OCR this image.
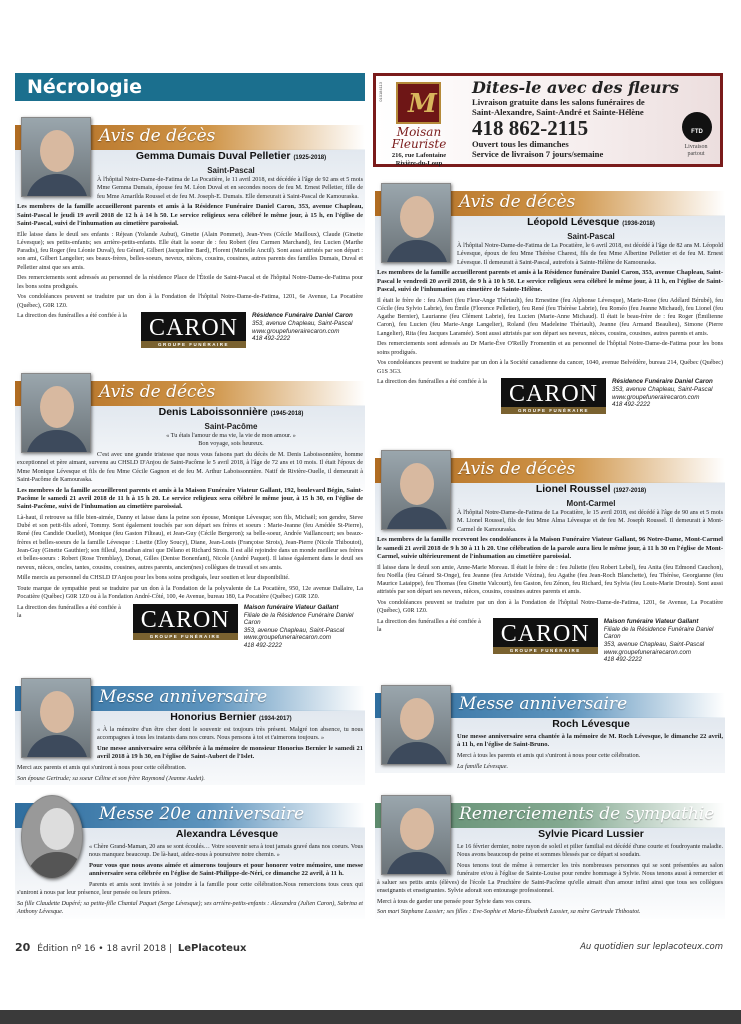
Nécrologie	010184113 M
Moisan
Fleuriste
216, rue Lafontaine
Rivière-du-Loup
Dites-le avec des fleurs
Livraison gratuite dans les salons funéraires de
Saint-Alexandre, Saint-André et Sainte-Hélène
418 862-2115
Ouvert tous les dimanches
Service de livraison 7 jours/semaine
FTD
Livraison partout
Avis de décès
Gemma Dumais Duval Pelletier (1925-2018)
Saint-Pascal
À l'hôpital Notre-Dame-de-Fatima de La Pocatière, le 11 avril 2018, est décédée à l'âge de 92 ans et 5 mois Mme Gemma Dumais, épouse feu M. Léon Duval et en secondes noces de feu M. Ernest Pelletier, fille de feu Mme Amarilda Roussel et de feu M. Joseph-E. Dumais. Elle demeurait à Saint-Pascal de Kamouraska.
Les membres de la famille accueilleront parents et amis à la Résidence Funéraire Daniel Caron, 353, avenue Chapleau, Saint-Pascal le jeudi 19 avril 2018 de 12 h à 14 h 50. Le service religieux sera célébré le même jour, à 15 h, en l'église de Saint-Pascal, suivi de l'inhumation au cimetière paroissial.
Elle laisse dans le deuil ses enfants : Réjean (Yolande Aubut), Ginette (Alain Pommet), Jean-Yves (Cécile Mailloux), Claude (Ginette Lévesque); ses petits-enfants; ses arrière-petits-enfants. Elle était la soeur de : feu Robert (feu Carmen Marchand), feu Lucien (Marthe Paradis), feu Roger (feu Léonie Duval), feu Gérard, Gilbert (Jacqueline Bard), Florent (Murielle Anctil). Sont aussi attristés par son départ : son ami, Gilbert Langelier; ses beaux-frères, belles-soeurs, neveux, nièces, cousins, cousines, autres parents des familles Dumais, Duval et Pelletier ainsi que ses amis.
Des remerciements sont adressés au personnel de la résidence Place de l'Étoile de Saint-Pascal et de l'hôpital Notre-Dame-de-Fatima pour les bons soins prodigués.
Vos condoléances peuvent se traduire par un don à la Fondation de l'hôpital Notre-Dame-de-Fatima, 1201, 6e Avenue, La Pocatière (Québec), G0R 1Z0.
La direction des funérailles a été confiée à la CARON
GROUPE FUNÉRAIRE
Résidence Funéraire Daniel Caron
353, avenue Chapleau, Saint-Pascal
www.groupefunerairecaron.com
418 492-2222
Avis de décès
Denis Laboissonnière (1945-2018)
Saint-Pacôme
« Tu étais l'amour de ma vie, la vie de mon amour. »
Bon voyage, sois heureux.
C'est avec une grande tristesse que nous vous faisons part du décès de M. Denis Laboissonnière, homme exceptionnel et père aimant, survenu au CHSLD D'Anjou de Saint-Pacôme le 5 avril 2018, à l'âge de 72 ans et 10 mois. Il était l'époux de Mme Monique Lévesque et fils de feu Mme Cécile Gagnon et de feu M. Arthur Laboissonnière. Natif de Rivière-Ouelle, il demeurait à Saint-Pacôme de Kamouraska.
Les membres de la famille accueilleront parents et amis à la Maison Funéraire Viateur Gallant, 192, boulevard Bégin, Saint-Pacôme le samedi 21 avril 2018 de 11 h à 15 h 20. Le service religieux sera célébré le même jour, à 15 h 30, en l'église de Saint-Pacôme, suivi de l'inhumation au cimetière paroissial.
Là-haut, il retrouve sa fille bien-aimée, Danny et laisse dans la peine son épouse, Monique Lévesque; son fils, Michaël; son gendre, Steve Dubé et son petit-fils adoré, Tommy. Sont également touchés par son départ ses frères et soeurs : Marie-Jeanne (feu Amédée St-Pierre), René (feu Candide Ouellet), Monique (feu Gaston Filteau), et Jean-Guy (Cécile Bergeron); sa belle-soeur, Andrée Vaillancourt; ses beaux-frères et belles-soeurs de la famille Lévesque : Lisette (Eloy Soucy), Diane, Jean-Louis (Françoise Strois), Jean-Pierre (Nicole Thiboutot), Jean-Guy (Ginette Gauthier); son filleul, Jonathan ainsi que Délano et Richard Strois. Il est allé rejoindre dans un monde meilleur ses frères et belles-soeurs : Robert (Rose Tremblay), Donat, Gilles (Denise Bonenfant), Nicole (André Paquet). Il laisse également dans le deuil ses neveux, nièces, oncles, tantes, cousins, cousines, autres parents, ancien(nes) collègues de travail et ses amis.
Mille mercis au personnel du CHSLD D'Anjou pour les bons soins prodigués, leur soutien et leur disponibilité.
Toute marque de sympathie peut se traduire par un don à la Fondation de la polyvalente de La Pocatière, 950, 12e avenue Dallaire, La Pocatière (Québec) G0R 1Z0 ou à la Fondation André-Côté, 100, 4e Avenue, bureau 180, La Pocatière (Québec) G0R 1Z0.
La direction des funérailles a été confiée à la	CARON
GROUPE FUNÉRAIRE
Maison funéraire Viateur Gallant
Filiale de la Résidence Funéraire Daniel Caron
353, avenue Chapleau, Saint-Pascal
www.groupefunerairecaron.com
418 492-2222
Messe anniversaire
Honorius Bernier (1934-2017)
« À la mémoire d'un être cher dont le souvenir est toujours très présent. Malgré ton absence, tu nous accompagnes à tous les instants dans nos cœurs. Nous pensons à toi et t'aimerons toujours. »
Une messe anniversaire sera célébrée à la mémoire de monsieur Honorius Bernier le samedi 21 avril 2018 à 19 h 30, en l'église de Saint-Aubert de l'Islet.
Merci aux parents et amis qui s'uniront à nous pour cette célébration.
Son épouse Gertrude; sa soeur Céline et son frère Raymond (Jeanne Audet).
Messe 20e anniversaire
Alexandra Lévesque
« Chère Grand-Maman, 20 ans se sont écoulés… Votre souvenir sera à tout jamais gravé dans nos coeurs. Vous nous manquez beaucoup. De là-haut, aidez-nous à poursuivre notre chemin. »
Pour vous que nous avons aimée et aimerons toujours et pour honorer votre mémoire, une messe anniversaire sera célébrée en l'église de Saint-Philippe-de-Néri, ce dimanche 22 avril, à 11 h.
Parents et amis sont invités à se joindre à la famille pour cette célébration.Nous remercions tous ceux qui s'uniront à nous par leur présence, leur pensée ou leurs prières.
Sa fille Claudette Dupéré; sa petite-fille Chantal Paquet (Serge Lévesque); ses arrière-petits-enfants : Alexandra (Julien Caron), Sabrina et Anthony Lévesque.
Avis de décès
Léopold Lévesque (1936-2018)
Saint-Pascal
À l'hôpital Notre-Dame-de-Fatima de La Pocatière, le 6 avril 2018, est décédé à l'âge de 82 ans M. Léopold Lévesque, époux de feu Mme Thérèse Charest, fils de feu Mme Albertine Pelletier et de feu M. Ernest Lévesque. Il demeurait à Saint-Pascal, autrefois à Sainte-Hélène de Kamouraska.
Les membres de la famille accueilleront parents et amis à la Résidence funéraire Daniel Caron, 353, avenue Chapleau, Saint-Pascal le vendredi 20 avril 2018, de 9 h à 10 h 50. Le service religieux sera célébré le même jour, à 11 h, en l'église de Saint-Pascal, suivi de l'inhumation au cimetière de Sainte-Hélène.
Il était le frère de : feu Albert (feu Fleur-Ange Thériault), feu Ernestine (feu Alphonse Lévesque), Marie-Rose (feu Adélard Bérubé), feu Cécile (feu Sylvio Labrie), feu Émile (Florence Pelletier), feu René (feu Thérèse Labrie), feu Roméo (feu Jeanne Michaud), feu Lionel (feu Agathe Bernier), Laurianne (feu Clément Labrie), feu Lucien (Marie-Anne Michaud). Il était le beau-frère de : feu Roger (Émilienne Caron), feu Lucien (feu Marie-Ange Langelier), Roland (feu Madeleine Thériault), Jeanne (feu Armand Beaulieu), Simone (Pierre Langelier), Rita (feu Jacques Laramée). Sont aussi attristés par son départ ses neveux, nièces, cousins, cousines, autres parents et amis.
Des remerciements sont adressés au Dr Marie-Ève O'Reilly Fromentin et au personnel de l'hôpital Notre-Dame-de-Fatima pour les bons soins prodigués.
Vos condoléances peuvent se traduire par un don à la Société canadienne du cancer, 1040, avenue Belvédère, bureau 214, Québec (Québec) G1S 3G3.
La direction des funérailles a été confiée à la CARON
GROUPE FUNÉRAIRE
Résidence Funéraire Daniel Caron
353, avenue Chapleau, Saint-Pascal
www.groupefunerairecaron.com
418 492-2222
Avis de décès
Lionel Roussel (1927-2018)
Mont-Carmel
À l'hôpital Notre-Dame-de-Fatima de La Pocatière, le 15 avril 2018, est décédé à l'âge de 90 ans et 5 mois M. Lionel Roussel, fils de feu Mme Alma Lévesque et de feu M. Joseph Roussel. Il demeurait à Mont-Carmel de Kamouraska.
Les membres de la famille recevront les condoléances à la Maison Funéraire Viateur Gallant, 96 Notre-Dame, Mont-Carmel le samedi 21 avril 2018 de 9 h 30 à 11 h 20. Une célébration de la parole aura lieu le même jour, à 11 h 30 en l'église de Mont-Carmel, suivie ultérieurement de l'inhumation au cimetière paroissial.
Il laisse dans le deuil son amie, Anne-Marie Moreau. Il était le frère de : feu Juliette (feu Robert Lebel), feu Anita (feu Edmond Cauchon), feu Noëlla (feu Gérard St-Onge), feu Jeanne (feu Aristide Vézina), feu Agathe (feu Jean-Roch Blanchette), feu Thérèse, Georgianne (feu Maurice Lataippe), feu Thomas (feu Ginette Valcourt), feu Gaston, feu Zénon, feu Richard, feu Sylvia (feu Louis-Marie Drouin). Sont aussi attristés par son départ ses neveux, nièces, cousins, cousines autres parents et amis.
Vos condoléances peuvent se traduire par un don à la Fondation de l'hôpital Notre-Dame-de-Fatima, 1201, 6e Avenue, La Pocatière (Québec), G0R 1Z0.
La direction des funérailles a été confiée à la	CARON
GROUPE FUNÉRAIRE
Maison funéraire Viateur Gallant
Filiale de la Résidence Funéraire Daniel Caron
353, avenue Chapleau, Saint-Pascal
www.groupefunerairecaron.com
418 492-2222
Messe anniversaire
Roch Lévesque
Une messe anniversaire sera chantée à la mémoire de M. Roch Lévesque, le dimanche 22 avril, à 11 h, en l'église de Saint-Bruno.
Merci à tous les parents et amis qui s'uniront à nous pour cette célébration.
La famille Lévesque.
Remerciements de sympathie
Sylvie Picard Lussier
Le 16 février dernier, notre rayon de soleil et pilier familial est décédé d'une courte et foudroyante maladie. Nous avons beaucoup de peine et sommes blessés par ce départ si soudain.
Nous tenons tout de même à remercier les très nombreuses personnes qui se sont présentées au salon funéraire et/ou à l'église de Sainte-Louise pour rendre hommage à Sylvie. Nous tenons aussi à remercier et à saluer ses petits amis (élèves) de l'école La Pruchière de Saint-Pacôme qu'elle aimait d'un amour infini ainsi que tous ses collègues enseignants et enseignantes. Sylvie adorait son entourage professionnel.
Merci à tous de garder une pensée pour Sylvie dans vos cœurs.
Son mari Stephane Lussier; ses filles : Eve-Sophie et Marie-Élisabeth Lussier, sa mère Gertrude Thiboutot.
20 Édition nº 16 • 18 avril 2018 | LePlacoteux	Au quotidien sur leplacoteux.com
